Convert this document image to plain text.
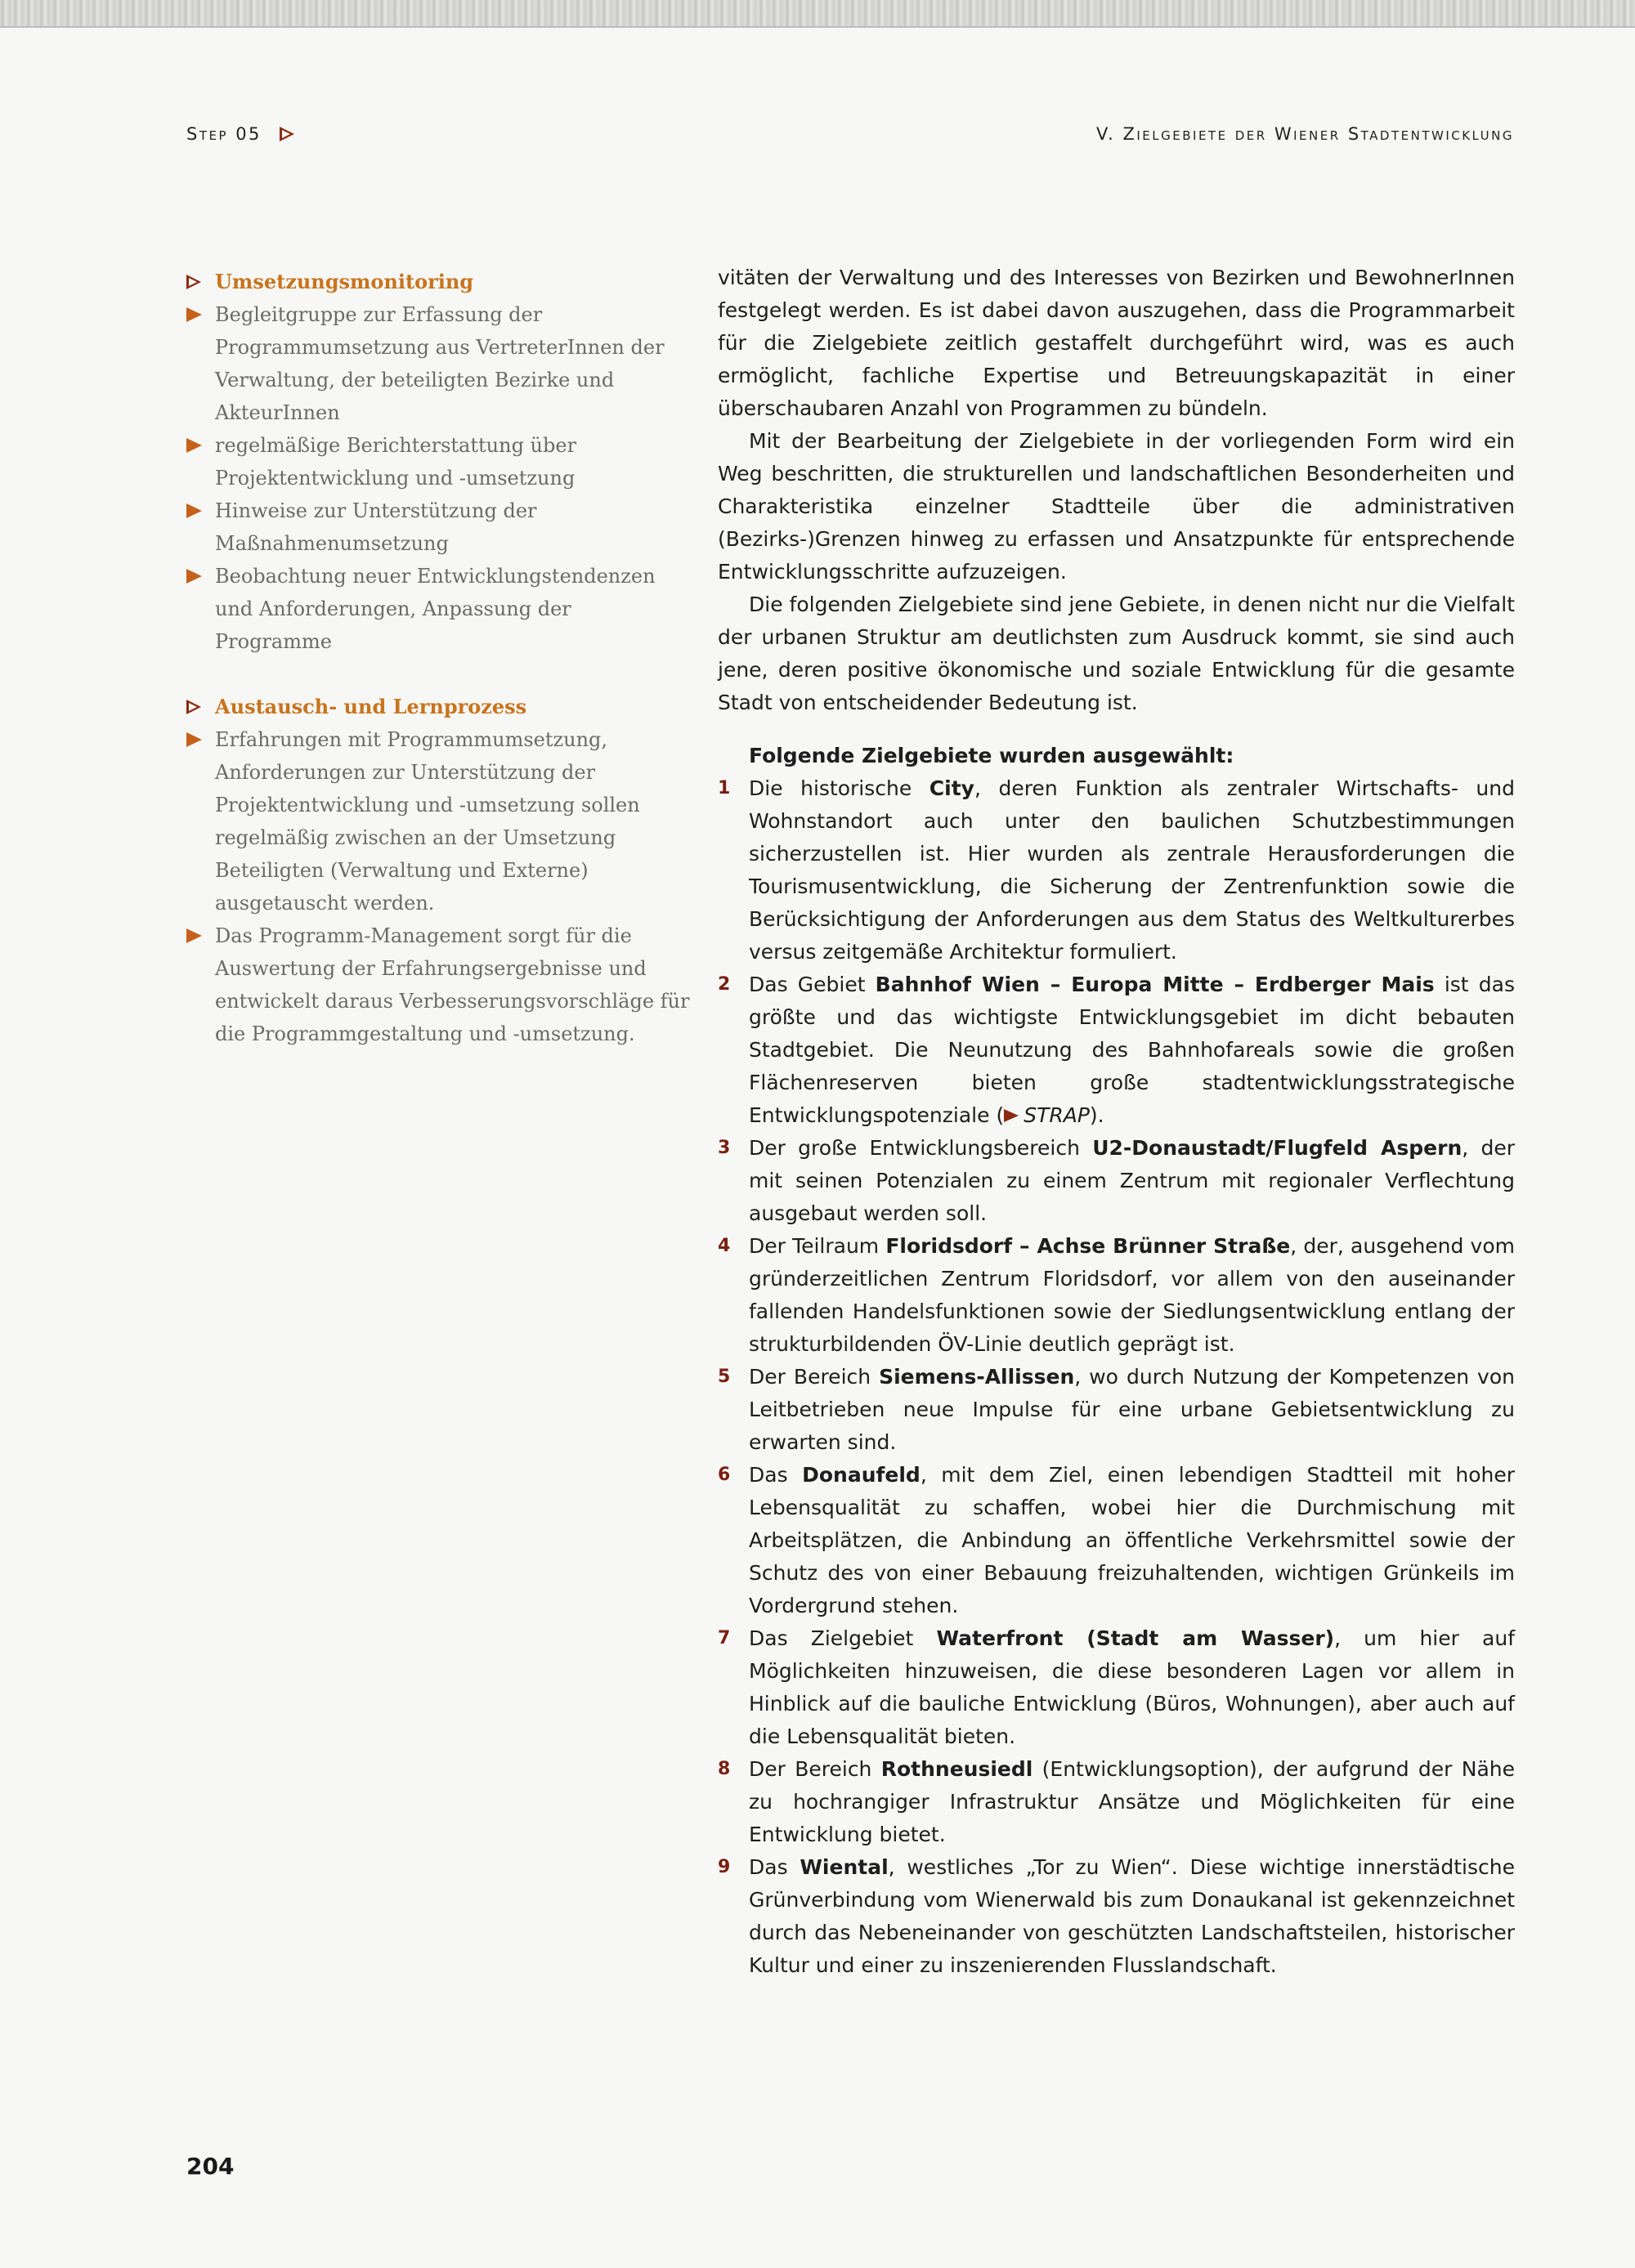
Step 05	V. Zielgebiete der Wiener Stadtentwicklung
Umsetzungsmonitoring
Begleitgruppe zur Erfassung der Programmumsetzung aus VertreterInnen der Verwaltung, der beteiligten Bezirke und AkteurInnen
regelmäßige Berichterstattung über Projektentwicklung und -umsetzung
Hinweise zur Unterstützung der Maßnahmenumsetzung
Beobachtung neuer Entwicklungstendenzen und Anforderungen, Anpassung der Programme
Austausch- und Lernprozess
Erfahrungen mit Programmumsetzung, Anforderungen zur Unterstützung der Projektentwicklung und -umsetzung sollen regelmäßig zwischen an der Umsetzung Beteiligten (Verwaltung und Externe) ausgetauscht werden.
Das Programm-Management sorgt für die Auswertung der Erfahrungsergebnisse und entwickelt daraus Verbesserungsvorschläge für die Programmgestaltung und -umsetzung.

vitäten der Verwaltung und des Interesses von Bezirken und BewohnerInnen festgelegt werden. Es ist dabei davon auszugehen, dass die Programmarbeit für die Zielgebiete zeitlich gestaffelt durchgeführt wird, was es auch ermöglicht, fachliche Expertise und Betreuungskapazität in einer überschaubaren Anzahl von Programmen zu bündeln.

Mit der Bearbeitung der Zielgebiete in der vorliegenden Form wird ein Weg beschritten, die strukturellen und landschaftlichen Besonderheiten und Charakteristika einzelner Stadtteile über die administrativen (Bezirks-)Grenzen hinweg zu erfassen und Ansatzpunkte für entsprechende Entwicklungsschritte aufzuzeigen.

Die folgenden Zielgebiete sind jene Gebiete, in denen nicht nur die Vielfalt der urbanen Struktur am deutlichsten zum Ausdruck kommt, sie sind auch jene, deren positive ökonomische und soziale Entwicklung für die gesamte Stadt von entscheidender Bedeutung ist.

Folgende Zielgebiete wurden ausgewählt:
1 Die historische City, deren Funktion als zentraler Wirtschafts- und Wohnstandort auch unter den baulichen Schutzbestimmungen sicherzustellen ist. Hier wurden als zentrale Herausforderungen die Tourismusentwicklung, die Sicherung der Zentrenfunktion sowie die Berücksichtigung der Anforderungen aus dem Status des Weltkulturerbes versus zeitgemäße Architektur formuliert.
2 Das Gebiet Bahnhof Wien – Europa Mitte – Erdberger Mais ist das größte und das wichtigste Entwicklungsgebiet im dicht bebauten Stadtgebiet. Die Neunutzung des Bahnhofareals sowie die großen Flächenreserven bieten große stadtentwicklungsstrategische Entwicklungspotenziale ( STRAP ).
3 Der große Entwicklungsbereich U2-Donaustadt/Flugfeld Aspern, der mit seinen Potenzialen zu einem Zentrum mit regionaler Verflechtung ausgebaut werden soll.
4 Der Teilraum Floridsdorf – Achse Brünner Straße, der, ausgehend vom gründerzeitlichen Zentrum Floridsdorf, vor allem von den auseinander fallenden Handelsfunktionen sowie der Siedlungsentwicklung entlang der strukturbildenden ÖV-Linie deutlich geprägt ist.
5 Der Bereich Siemens-Allissen, wo durch Nutzung der Kompetenzen von Leitbetrieben neue Impulse für eine urbane Gebietsentwicklung zu erwarten sind.
6 Das Donaufeld, mit dem Ziel, einen lebendigen Stadtteil mit hoher Lebensqualität zu schaffen, wobei hier die Durchmischung mit Arbeitsplätzen, die Anbindung an öffentliche Verkehrsmittel sowie der Schutz des von einer Bebauung freizuhaltenden, wichtigen Grünkeils im Vordergrund stehen.
7 Das Zielgebiet Waterfront (Stadt am Wasser), um hier auf Möglichkeiten hinzuweisen, die diese besonderen Lagen vor allem in Hinblick auf die bauliche Entwicklung (Büros, Wohnungen), aber auch auf die Lebensqualität bieten.
8 Der Bereich Rothneusiedl (Entwicklungsoption), der aufgrund der Nähe zu hochrangiger Infrastruktur Ansätze und Möglichkeiten für eine Entwicklung bietet.
9 Das Wiental, westliches „Tor zu Wien“. Diese wichtige innerstädtische Grünverbindung vom Wienerwald bis zum Donaukanal ist gekennzeichnet durch das Nebeneinander von geschützten Landschaftsteilen, historischer Kultur und einer zu inszenierenden Flusslandschaft.
204
